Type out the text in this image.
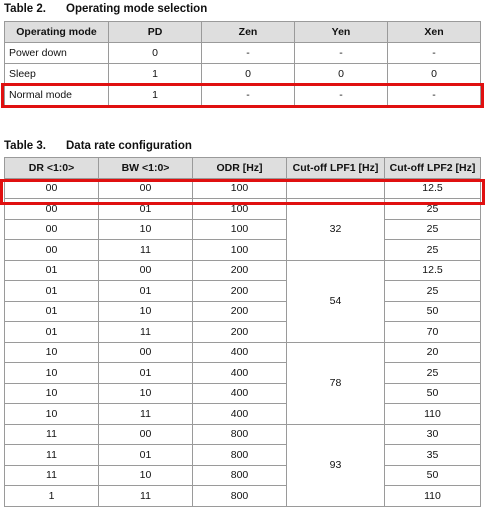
Table 2. Operating mode selection
Operating mode	PD	Zen	Yen	Xen
Power down	0	-	-	-
Sleep	1	0	0	0
Normal mode	1	-	-	-
Table 3. Data rate configuration
DR <1:0>	BW <1:0>	ODR [Hz]	Cut-off LPF1 [Hz]	Cut-off LPF2 [Hz]
00	00	100		12.5
00	01	100	32	25
00	10	100		25
00	11	100		25
01	00	200	54	12.5
01	01	200		25
01	10	200		50
01	11	200		70
10	00	400	78	20
10	01	400		25
10	10	400		50
10	11	400		110
11	00	800	93	30
11	01	800		35
11	10	800		50
1	11	800		110
